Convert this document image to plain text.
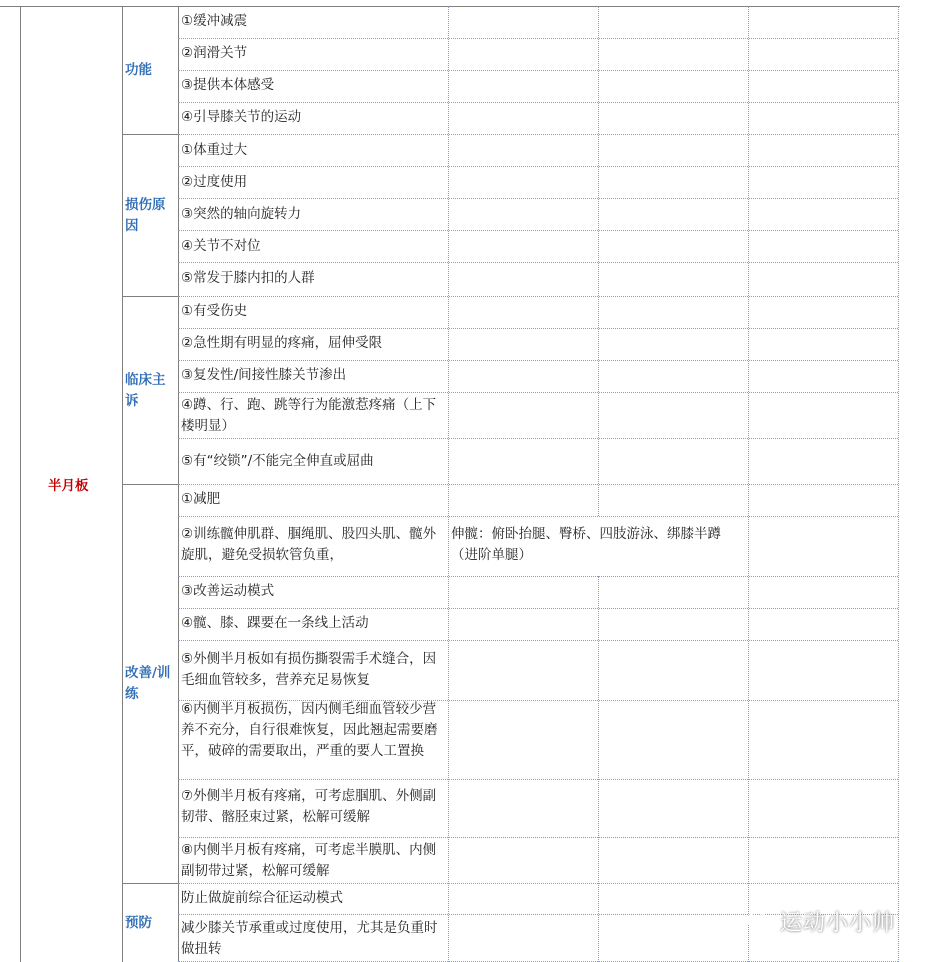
半月板
功能
损伤原因
临床主诉
改善/训练
预防
①缓冲减震
②润滑关节
③提供本体感受
④引导膝关节的运动
①体重过大
②过度使用
③突然的轴向旋转力
④关节不对位
⑤常发于膝内扣的人群
①有受伤史
②急性期有明显的疼痛，屈伸受限
③复发性/间接性膝关节渗出
④蹲、行、跑、跳等行为能激惹疼痛（上下楼明显）
⑤有“绞锁”/不能完全伸直或屈曲
①减肥
②训练髋伸肌群、腘绳肌、股四头肌、髋外旋肌，避免受损软管负重，
③改善运动模式
④髋、膝、踝要在一条线上活动
⑤外侧半月板如有损伤撕裂需手术缝合，因毛细血管较多，营养充足易恢复
⑥内侧半月板损伤，因内侧毛细血管较少营养不充分，自行很难恢复，因此翘起需要磨平，破碎的需要取出，严重的要人工置换
⑦外侧半月板有疼痛，可考虑腘肌、外侧副韧带、髂胫束过紧，松解可缓解
⑧内侧半月板有疼痛，可考虑半膜肌、内侧副韧带过紧，松解可缓解
伸髋：俯卧抬腿、臀桥、四肢游泳、绑膝半蹲（进阶单腿）
防止做旋前综合征运动模式
减少膝关节承重或过度使用，尤其是负重时做扭转
运动小小帅
